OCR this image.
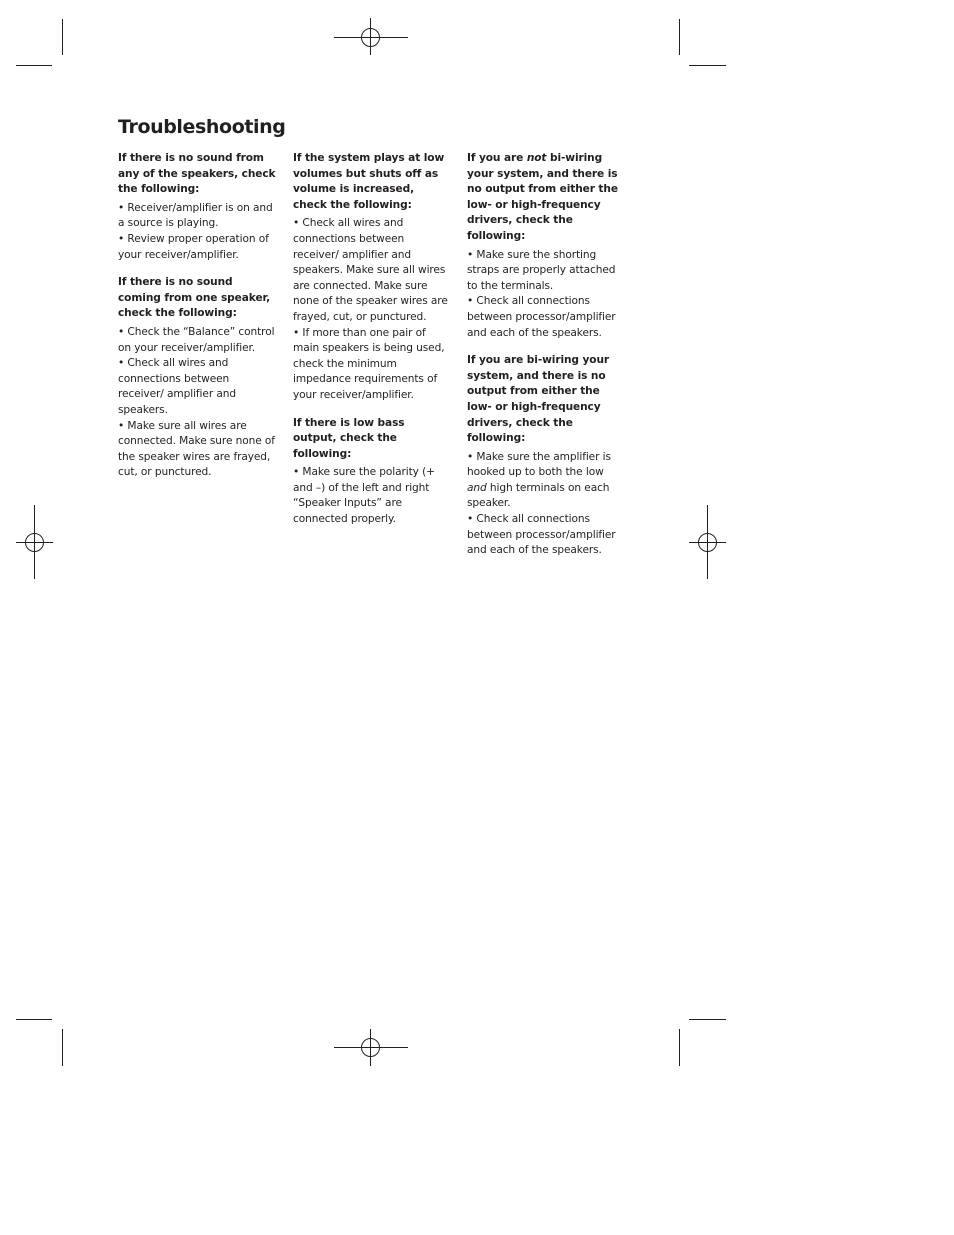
Troubleshooting

If there is no sound from any of the speakers, check the following:

• Receiver/amplifier is on and a source is playing.

• Review proper operation of your receiver/amplifier.

If there is no sound coming from one speaker, check the following:

• Check the “Balance” control on your receiver/amplifier.

• Check all wires and connections between receiver/ amplifier and speakers.

• Make sure all wires are connected. Make sure none of the speaker wires are frayed, cut, or punctured.

If the system plays at low volumes but shuts off as volume is increased, check the following:

• Check all wires and connections between receiver/ amplifier and speakers. Make sure all wires are connected. Make sure none of the speaker wires are frayed, cut, or punctured.

• If more than one pair of main speakers is being used, check the minimum impedance requirements of your receiver/amplifier.

If there is low bass output, check the following:

• Make sure the polarity (+ and –) of the left and right “Speaker Inputs” are connected properly.

If you are not bi-wiring your system, and there is no output from either the low- or high-frequency drivers, check the following:

• Make sure the shorting straps are properly attached to the terminals.

• Check all connections between processor/amplifier and each of the speakers.

If you are bi-wiring your system, and there is no output from either the low- or high-frequency drivers, check the following:

• Make sure the amplifier is hooked up to both the low and high terminals on each speaker.

• Check all connections between processor/amplifier and each of the speakers.
